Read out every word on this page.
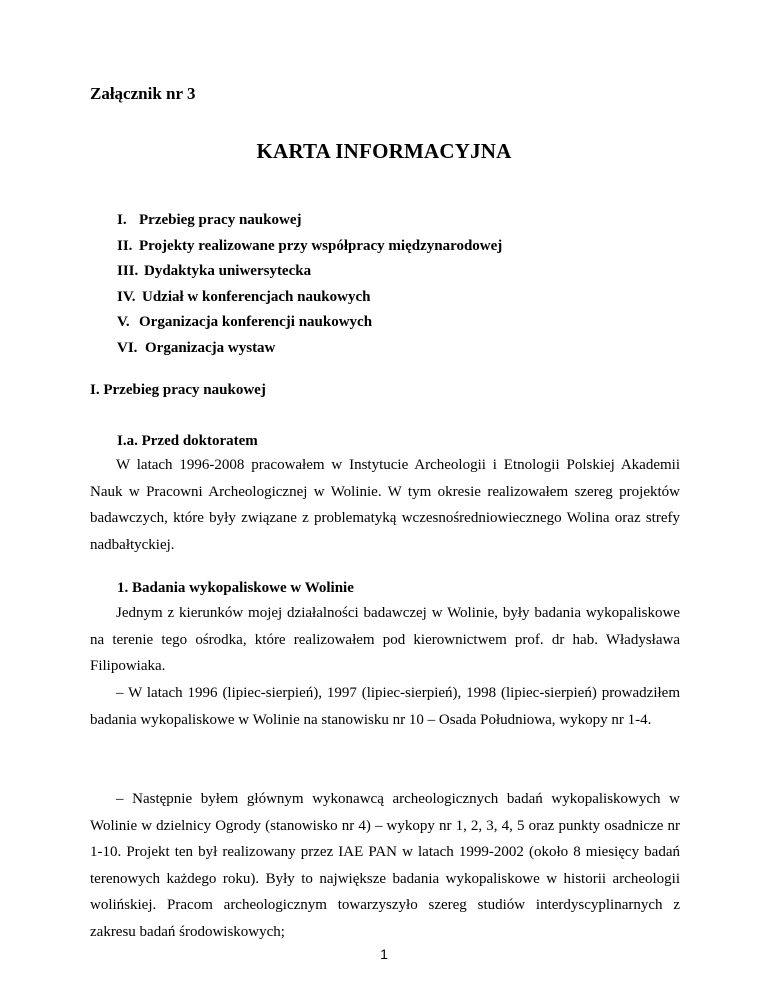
Załącznik nr 3
KARTA INFORMACYJNA
I. Przebieg pracy naukowej
II. Projekty realizowane przy współpracy międzynarodowej
III. Dydaktyka uniwersytecka
IV. Udział w konferencjach naukowych
V. Organizacja konferencji naukowych
VI. Organizacja wystaw
I. Przebieg pracy naukowej
I.a. Przed doktoratem

W latach 1996-2008 pracowałem w Instytucie Archeologii i Etnologii Polskiej Akademii Nauk w Pracowni Archeologicznej w Wolinie. W tym okresie realizowałem szereg projektów badawczych, które były związane z problematyką wczesnośredniowiecznego Wolina oraz strefy nadbałtyckiej.

1. Badania wykopaliskowe w Wolinie

Jednym z kierunków mojej działalności badawczej w Wolinie, były badania wykopaliskowe na terenie tego ośrodka, które realizowałem pod kierownictwem prof. dr hab. Władysława Filipowiaka.

– W latach 1996 (lipiec-sierpień), 1997 (lipiec-sierpień), 1998 (lipiec-sierpień) prowadziłem badania wykopaliskowe w Wolinie na stanowisku nr 10 – Osada Południowa, wykopy nr 1-4.

– Następnie byłem głównym wykonawcą archeologicznych badań wykopaliskowych w Wolinie w dzielnicy Ogrody (stanowisko nr 4) – wykopy nr 1, 2, 3, 4, 5 oraz punkty osadnicze nr 1-10. Projekt ten był realizowany przez IAE PAN w latach 1999-2002 (około 8 miesięcy badań terenowych każdego roku). Były to największe badania wykopaliskowe w historii archeologii wolińskiej. Pracom archeologicznym towarzyszyło szereg studiów interdyscyplinarnych z zakresu badań środowiskowych;

1
